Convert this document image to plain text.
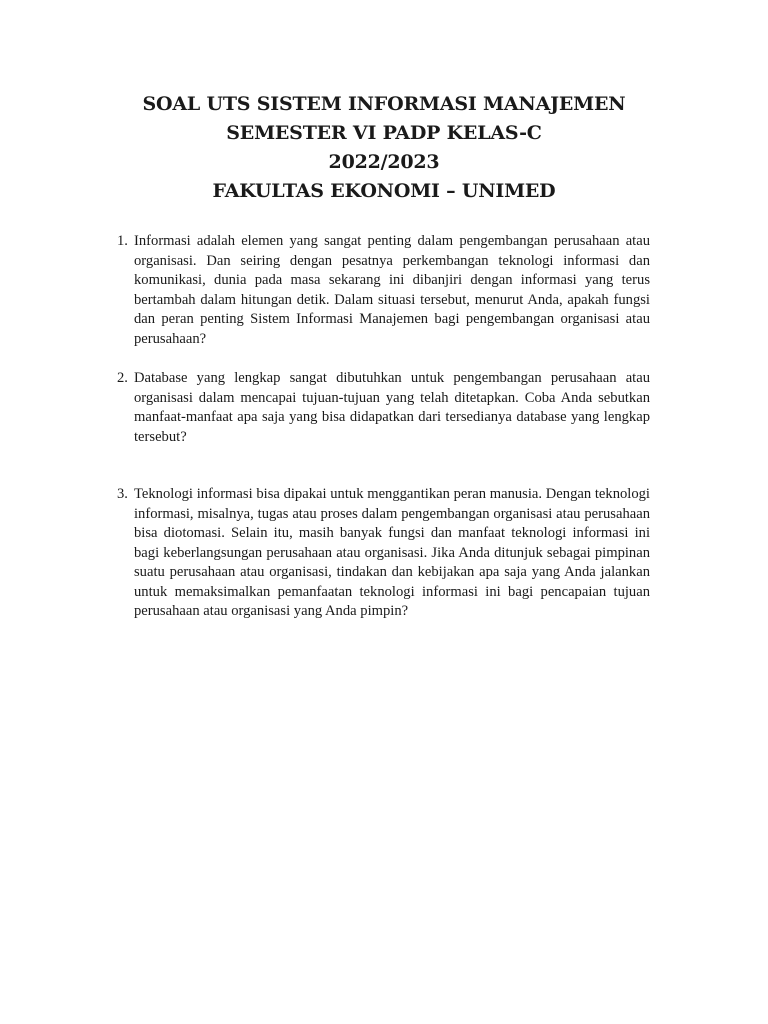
SOAL UTS SISTEM INFORMASI MANAJEMEN
SEMESTER VI PADP KELAS-C
2022/2023
FAKULTAS EKONOMI – UNIMED
1. Informasi adalah elemen yang sangat penting dalam pengembangan perusahaan atau organisasi. Dan seiring dengan pesatnya perkembangan teknologi informasi dan komunikasi, dunia pada masa sekarang ini dibanjiri dengan informasi yang terus bertambah dalam hitungan detik. Dalam situasi tersebut, menurut Anda, apakah fungsi dan peran penting Sistem Informasi Manajemen bagi pengembangan organisasi atau perusahaan?
2. Database yang lengkap sangat dibutuhkan untuk pengembangan perusahaan atau organisasi dalam mencapai tujuan-tujuan yang telah ditetapkan. Coba Anda sebutkan manfaat-manfaat apa saja yang bisa didapatkan dari tersedianya database yang lengkap tersebut?
3. Teknologi informasi bisa dipakai untuk menggantikan peran manusia. Dengan teknologi informasi, misalnya, tugas atau proses dalam pengembangan organisasi atau perusahaan bisa diotomasi. Selain itu, masih banyak fungsi dan manfaat teknologi informasi ini bagi keberlangsungan perusahaan atau organisasi. Jika Anda ditunjuk sebagai pimpinan suatu perusahaan atau organisasi, tindakan dan kebijakan apa saja yang Anda jalankan untuk memaksimalkan pemanfaatan teknologi informasi ini bagi pencapaian tujuan perusahaan atau organisasi yang Anda pimpin?
